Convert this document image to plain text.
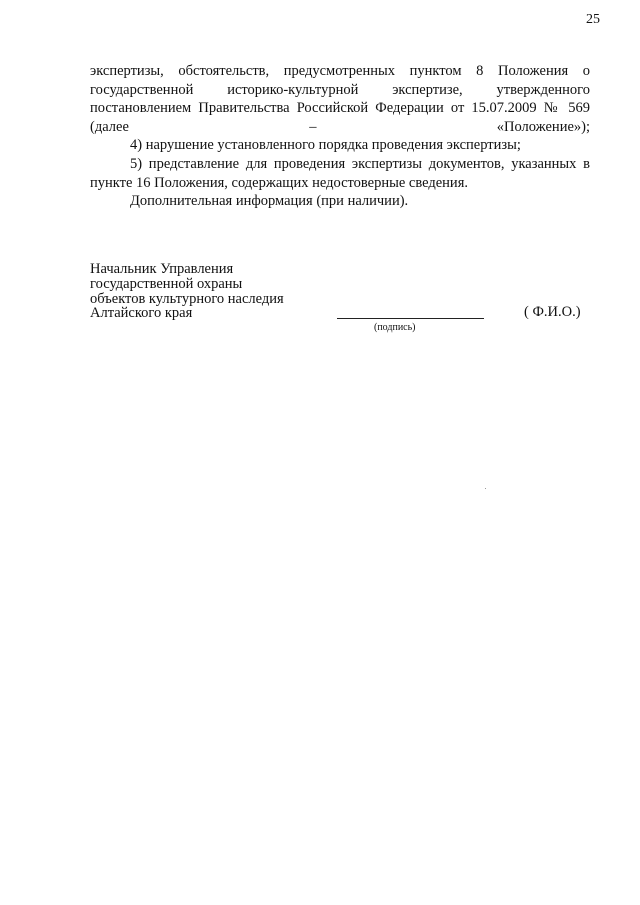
25

экспертизы, обстоятельств, предусмотренных пунктом 8 Положения о государственной историко-культурной экспертизе, утвержденного постановлением Правительства Российской Федерации от 15.07.2009 № 569 (далее – «Положение»);

4) нарушение установленного порядка проведения экспертизы;

5) представление для проведения экспертизы документов, указанных в пункте 16 Положения, содержащих недостоверные сведения.

Дополнительная информация (при наличии).

Начальник Управления
государственной охраны
объектов культурного наследия
Алтайского края
(подпись)
( Ф.И.О.)
